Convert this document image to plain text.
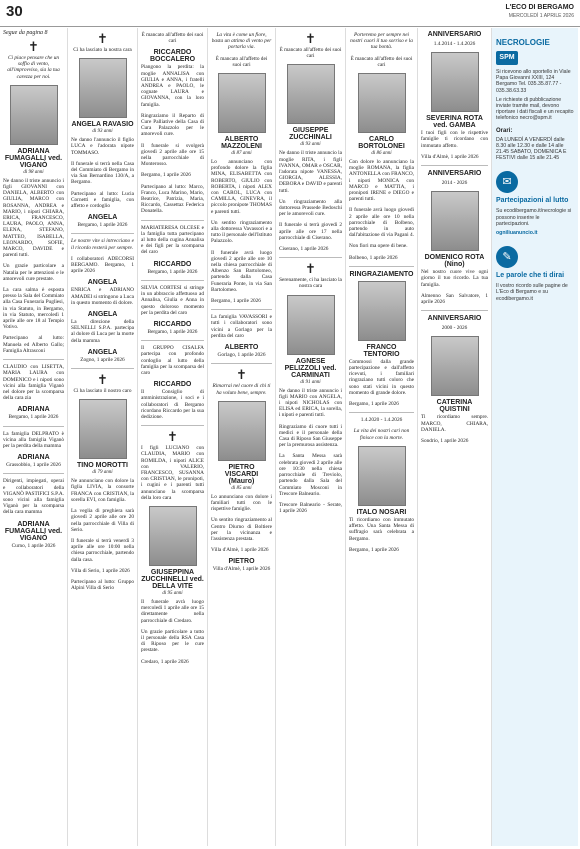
30	L'ECO DI BERGAMO
MERCOLEDÌ 1 APRILE 2026
Segue da pagina 8
✝
Ci piace pensare che un soffio di vento, all'improvviso, sia la tua carezza per noi.
ADRIANA FUMAGALLI ved. VIGANÒ
di 98 anni
Ne danno il triste annuncio i figli GIOVANNI con DANIELA, ALBERTO con GIULIA, MARCO con ROSANNA, ANDREA e MARIO, i nipoti CHIARA, ERICA, FRANCESCO, LAURA, PAOLO, ANNA, ELENA, STEFANO, MATTEO, ISABELLA, LEONARDO, SOFIE, MARCO, DAVIDE e parenti tutti.
Un grazie particolare a Natalia per le attenzioni e le amorevoli cure prestate.
La cara salma è esposta presso la Sala del Commiato alla Casa Funeraria Pugliesi, in via Statuto, in Bergamo, in via Statuto, mercoledì 1 aprile alle ore 18 al Tempio Votivo.
Partecipano al lutto: Manuela ed Alberto Gallo; Famiglia Altrasconi
CLAUDIO con LISETTA, MARIA LAURA con DOMENICO e i nipoti sono vicini alla famiglia Viganò nel dolore per la scomparsa della cara zia
ADRIANA
Bergamo, 1 aprile 2026
La famiglia DELPRATO è vicina alla famiglia Viganò per la perdita della mamma
ADRIANA
Grassobbio, 1 aprile 2026
Dirigenti, impiegati, operai e collaboratori della VIGANÒ PASTIFICI S.P.A. sono vicini alla famiglia Viganò per la scomparsa della cara mamma
ADRIANA FUMAGALLI ved. VIGANÒ
Curno, 1 aprile 2026
✝
Ci ha lasciato la nostra cara
ANGELA RAVASIO
di 93 anni
Ne danno l'annuncio il figlio LUCA e l'adorata nipote TOMMASO.
Il funerale si terrà nella Casa del Commiato di Bergamo in via San Bernardino 130/A, a Bergamo.
Partecipano al lutto: Lucia Cornetti e famiglia, con affetto e cordoglio
ANGELA
Bergamo, 1 aprile 2026
Le nostre vite si intrecciano e il ricordo resterà per sempre.
I collaboratori ADECORSI BERGAMO. Bergamo, 1 aprile 2026
ANGELA
ENRICA e ADRIANO AMADEI si stringono a Luca in questo momento di dolore.
ANGELA
La direzione della SELNELLI S.P.A. partecipa al dolore di Luca per la morte della mamma
ANGELA
Zogno, 1 aprile 2026
✝
Ci ha lasciato il nostro caro
TINO MOROTTI
di 79 anni
Ne annunciano con dolore la figlia LIVIA, la consorte FRANCA con CRISTIAN, la sorella EVI, con famiglia.
La veglia di preghiera sarà giovedì 2 aprile alle ore 20 nella parrocchiale di Villa di Serio.
Il funerale si terrà venerdì 3 aprile alle ore 10:00 nella chiesa parrocchiale, partendo dalla casa.
Villa di Serio, 1 aprile 2026
Partecipano al lutto: Gruppo Alpini Villa di Serio
È mancato all'affetto dei suoi cari
RICCARDO BOCCALERO
Piangono la perdita: la moglie ANNALISA con GIULIA e ANNA, i fratelli ANDREA e PAOLO, le cognate LAURA e GIOVANNA, con la loro famiglia.
Ringraziamo il Reparto di Cure Palliative della Casa di Cura Palazzolo per le amorevoli cure.
Il funerale si svolgerà giovedì 2 aprile alle ore 15 nella parrocchiale di Monterosso.
Bergamo, 1 aprile 2026
Partecipano al lutto: Marco, Franco, Luca Marino, Mario, Beatrice, Patrizia, Maria, Riccardo, Cassettaz Federica Donatella.
MARIATERESA OLCESE e la famiglia tutta partecipano al lutto della cugina Annalisa e dei figli per la scomparsa del caro
RICCARDO
Bergamo, 1 aprile 2026
SILVIA CORTESI si stringe in un abbraccio affettuoso ad Annalisa, Giulia e Anna in questo doloroso momento per la perdita del caro
RICCARDO
Bergamo, 1 aprile 2026
Il GRUPPO CISALFA partecipa con profondo cordoglio al lutto della famiglia per la scomparsa del caro
RICCARDO
Il Consiglio di amministrazione, i soci e i collaboratori di Bergamo ricordano Riccardo per la sua dedizione.
✝
I figli LUCIANO con CLAUDIA, MARIO con ROMILDA, i nipoti ALICE con VALERIO, FRANCESCO, SUSANNA con CRISTIAN, le pronipoti, i cugini e i parenti tutti annunciano la scomparsa della loro cara
GIUSEPPINA ZUCCHINELLI ved. DELLA VITE
di 95 anni
Il funerale avrà luogo mercoledì 1 aprile alle ore 15 direttamente nella parrocchiale di Credaro.
Un grazie particolare a tutto il personale della RSA Casa di Riposo per le cure prestate.
Credaro, 1 aprile 2026
La vita è come un fiore, basta un attimo di vento per portarla via.
È mancato all'affetto dei suoi cari
ALBERTO MAZZOLENI
di 87 anni
Lo annunciano con profondo dolore la figlia MINA, ELISABETTA con ROBERTO, GIULIO con ROBERTA, i nipoti ALEX con CAROL, LUCA con CAMILLA, GINEVRA, il piccolo pronipote THOMAS e parenti tutti.
Un sentito ringraziamento alla dottoressa Vavassori e a tutto il personale dell'Istituto Palazzolo.
Il funerale avrà luogo giovedì 2 aprile alle ore 10 nella chiesa parrocchiale di Albenzo San Bartolomeo, partendo dalla Casa Funeraria Ponte, in via San Bartolomeo.
Bergamo, 1 aprile 2026
La famiglia VAVASSORI e tutti i collaboratori sono vicini a Gorlago per la perdita del caro
ALBERTO
Gorlago, 1 aprile 2026
✝
Rimarrai nel cuore di chi ti ha voluto bene, sempre.
PIETRO VISCARDI (Mauro)
di 85 anni
Lo annunciano con dolore i familiari tutti con le rispettive famiglie.
Un sentito ringraziamento al Centro Diurno di Boltiere per la vicinanza e l'assistenza prestata.
Villa d'Almè, 1 aprile 2026
PIETRO
Villa d'Almè, 1 aprile 2026
✝
È mancato all'affetto dei suoi cari
GIUSEPPE ZUCCHINALI
di 93 anni
Ne danno il triste annuncio la moglie RITA, i figli IVANNA, OMAR e OSCAR, l'adorata nipote VANESSA, GIORGIA, ALESSIA, DEBORA e DAVID e parenti tutti.
Un ringraziamento alla dottoressa Prassede Bedoschi per le amorevoli cure.
Il funerale si terrà giovedì 2 aprile alle ore 17 nella parrocchiale di Ciserano.
Ciserano, 1 aprile 2026
✝
Serenamente, ci ha lasciato la nostra cara
AGNESE PELIZZOLI ved. CARMINATI
di 91 anni
Ne danno il triste annuncio i figli MARIO con ANGELA, i nipoti NICHOLAS con ELISA ed ERICA, la sorella, i nipoti e parenti tutti.
Ringraziamo di cuore tutti i medici e il personale della Casa di Riposo San Giuseppe per la premurosa assistenza.
La Santa Messa sarà celebrata giovedì 2 aprile alle ore 10:30 nella chiesa parrocchiale di Treviolo, partendo dalla Sala del Commiato Mosconi in Trescore Balneario.
Trescore Balneario - Serate, 1 aprile 2026
Porteremo per sempre nei nostri cuori il tuo sorriso e la tua bontà.
È mancato all'affetto dei suoi cari
CARLO BORTOLONEI
di 86 anni
Con dolore lo annunciano la moglie ROMANA, la figlia ANTONELLA con FRANCO, i nipoti MONICA con MARCO e MATTIA, i pronipoti IRENE e DIEGO e parenti tutti.
Il funerale avrà luogo giovedì 2 aprile alle ore 10 nella parrocchiale di Bolbeno, partendo in auto dall'abitazione di via Pagani 4.
Non fiori ma opere di bene.
Bolbeno, 1 aprile 2026
RINGRAZIAMENTO
FRANCO TENTORIO
Commossi dalla grande partecipazione e dall'affetto ricevuti, i familiari ringraziano tutti coloro che sono stati vicini in questo momento di grande dolore.
Bergamo, 1 aprile 2026
1.4.2020 - 1.4.2026
La vita dei nostri cari non finisce con la morte.
ITALO NOSARI
Ti ricordiamo con immutato affetto. Una Santa Messa di suffragio sarà celebrata a Bergamo.
Bergamo, 1 aprile 2026
ANNIVERSARIO
1.4.2014 - 1.4.2026
SEVERINA ROTA ved. GAMBA
I tuoi figli con le rispettive famiglie ti ricordano con immutato affetto.
Villa d'Almè, 1 aprile 2026
ANNIVERSARIO
2014 - 2026
DOMENICO ROTA (Nino)
Nel nostro cuore vive ogni giorno il tuo ricordo. La tua famiglia.
Almenno San Salvatore, 1 aprile 2026
ANNIVERSARIO
2000 - 2026
CATERINA QUISTINI
Ti ricordiamo sempre. MARCO, CHIARA, DANIELA.
Sondrio, 1 aprile 2026
NECROLOGIE
SPM

Si ricevono allo sportello in Viale Papa Giovanni XXIII, 124 Bergamo Tel. 035.35.87.77 - 035.38.63.33

Le richieste di pubblicazione inviate tramite mail, devono riportare i dati fiscali e un recapito telefonico necro@spm.it

Orari:

DA LUNEDÌ A VENERDÌ dalle 8.30 alle 12.30 e dalle 14 alle 21.45 SABATO, DOMENICA E FESTIVI dalle 15 alle 21.45

✉
Partecipazioni al lutto

Su ecodibergamo.it/necrologie si possono inserire le partecipazioni.

ogniliuanuncio.it

✎
Le parole che ti dirai

Il vostro ricordo sulle pagine de L'Eco di Bergamo e su ecodibergamo.it
